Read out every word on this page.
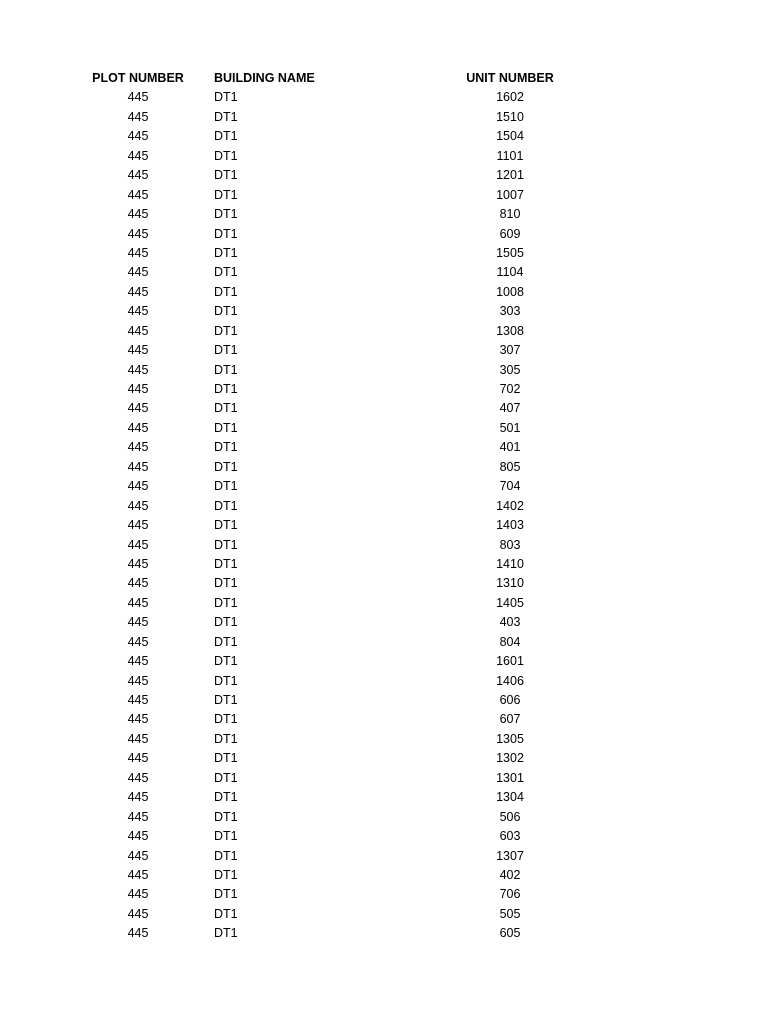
PLOT NUMBER	BUILDING NAME	UNIT NUMBER
445	DT1	1602
445	DT1	1510
445	DT1	1504
445	DT1	1101
445	DT1	1201
445	DT1	1007
445	DT1	810
445	DT1	609
445	DT1	1505
445	DT1	1104
445	DT1	1008
445	DT1	303
445	DT1	1308
445	DT1	307
445	DT1	305
445	DT1	702
445	DT1	407
445	DT1	501
445	DT1	401
445	DT1	805
445	DT1	704
445	DT1	1402
445	DT1	1403
445	DT1	803
445	DT1	1410
445	DT1	1310
445	DT1	1405
445	DT1	403
445	DT1	804
445	DT1	1601
445	DT1	1406
445	DT1	606
445	DT1	607
445	DT1	1305
445	DT1	1302
445	DT1	1301
445	DT1	1304
445	DT1	506
445	DT1	603
445	DT1	1307
445	DT1	402
445	DT1	706
445	DT1	505
445	DT1	605
